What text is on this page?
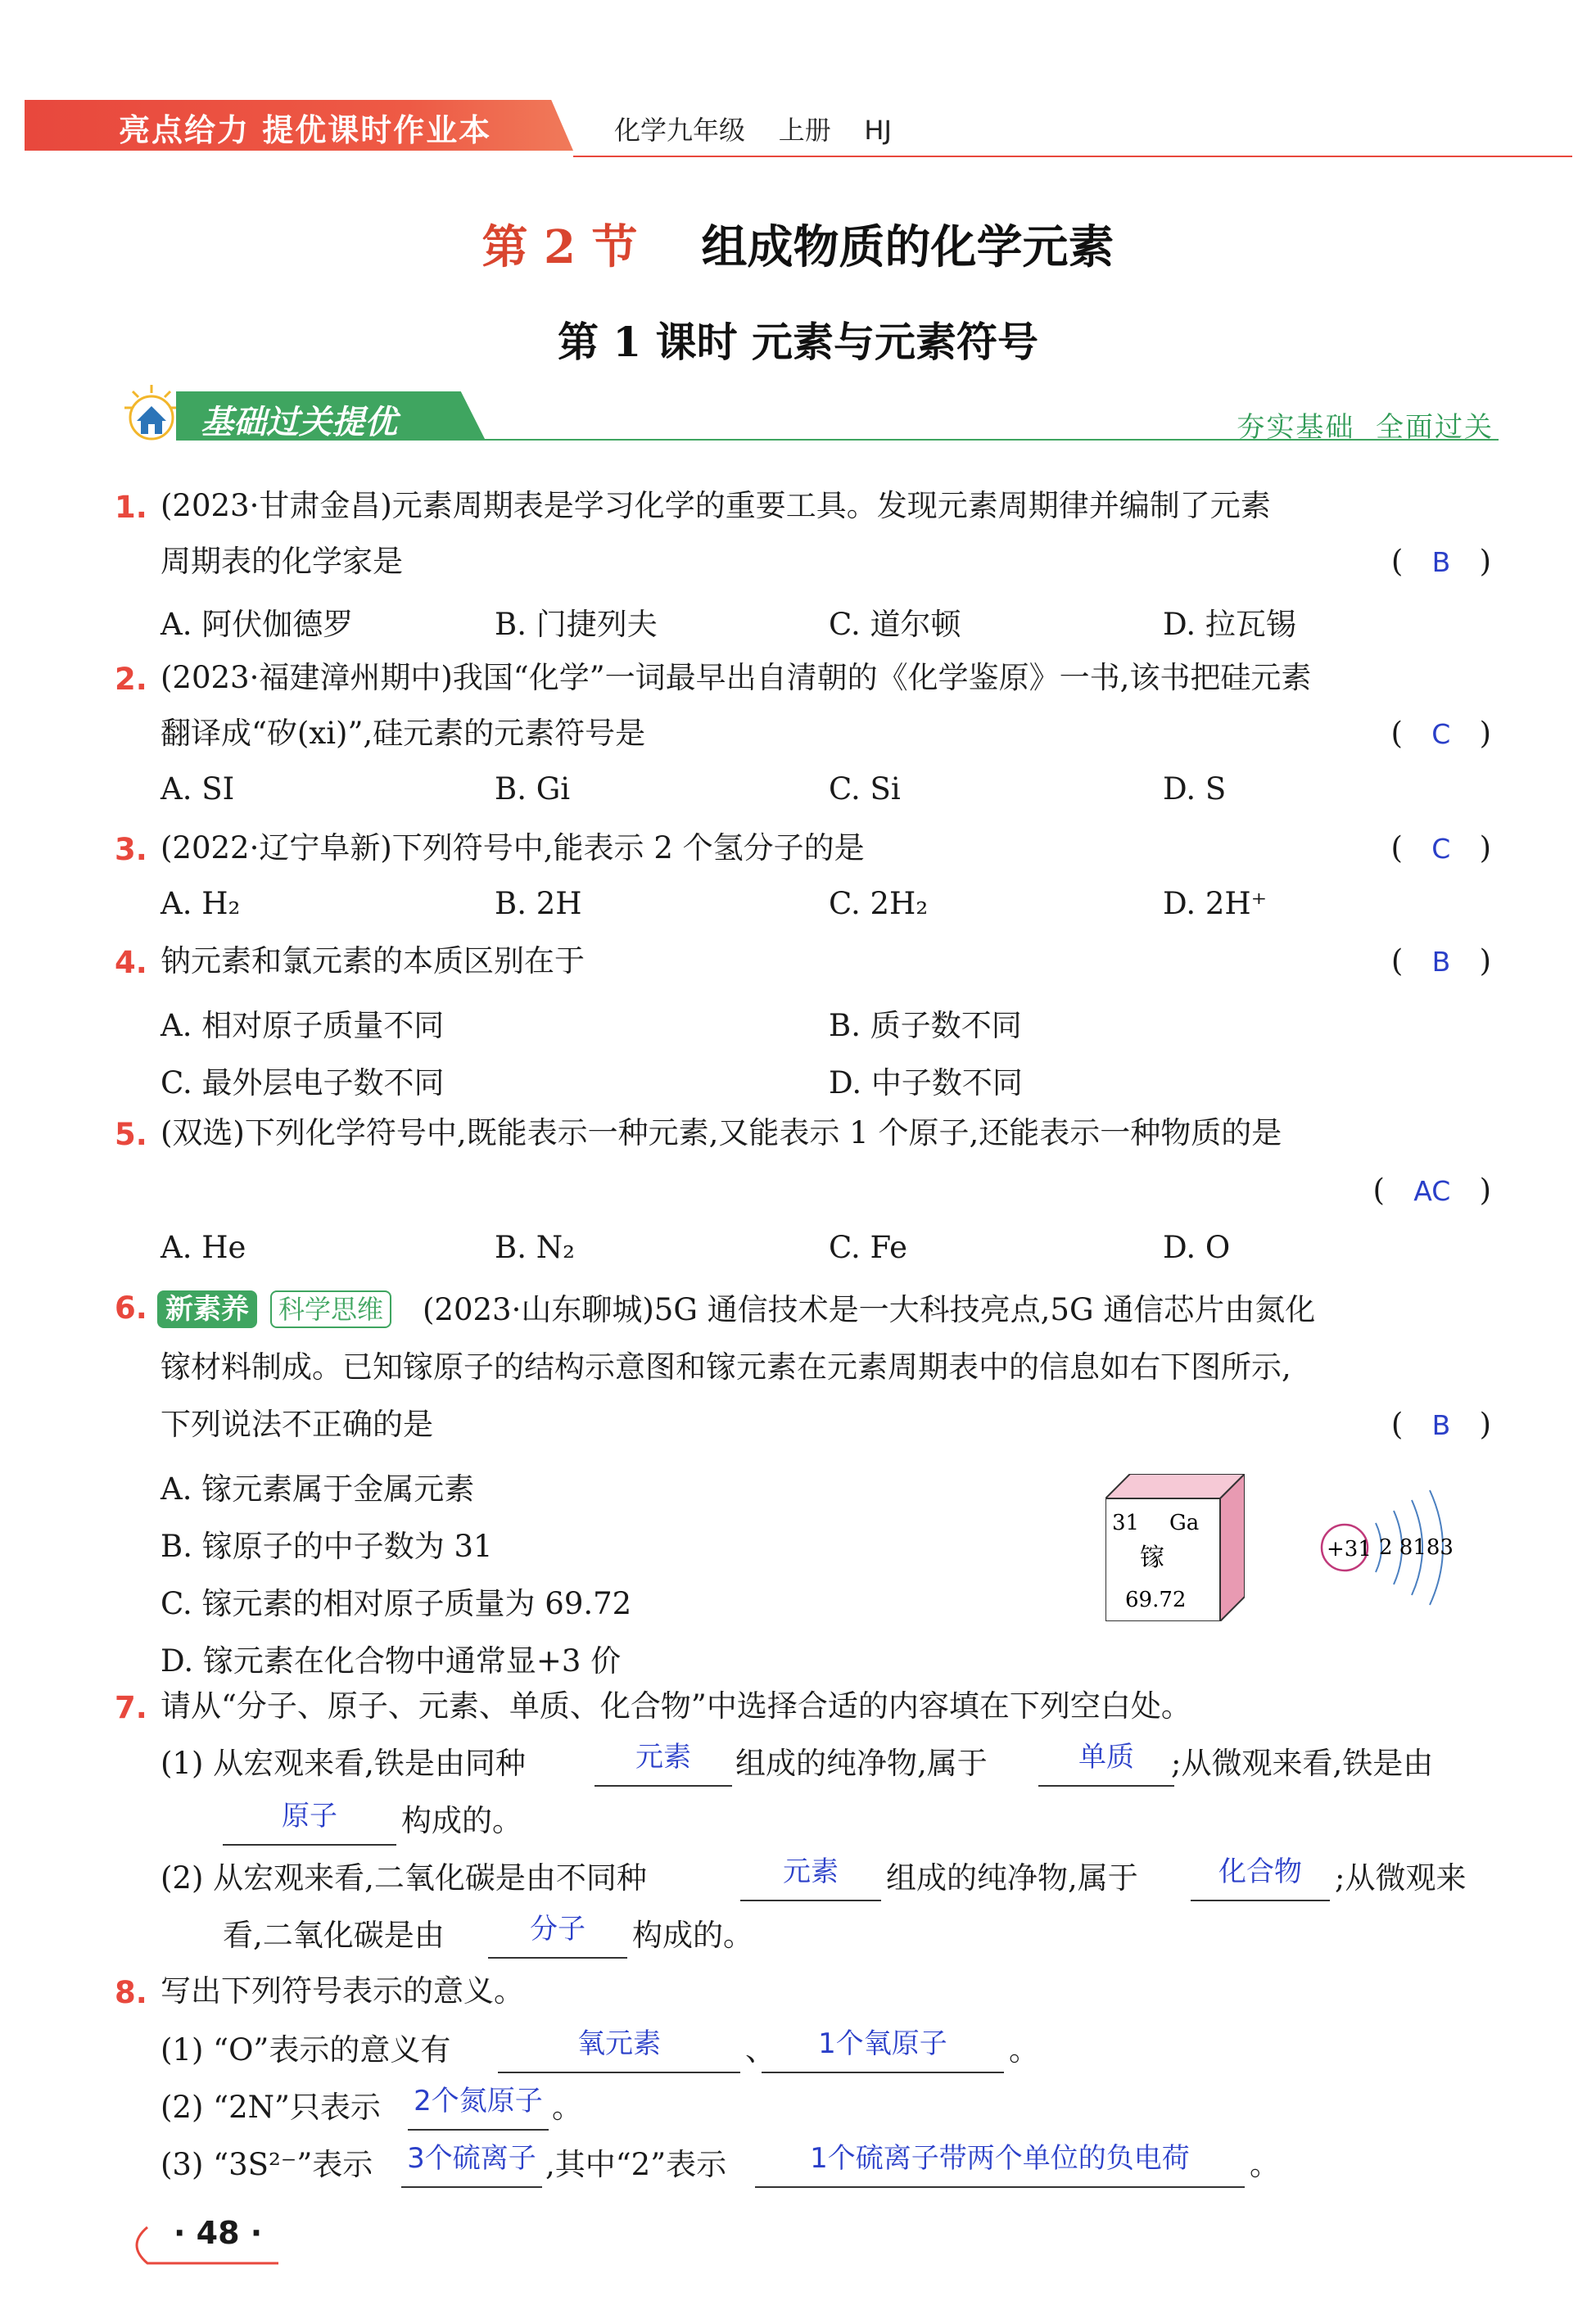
亮点给力 提优课时作业本	化学九年级    上册    HJ
第 2 节 组成物质的化学元素
第 1 课时 元素与元素符号
基础过关提优	夯实基础  全面过关
1. (2023·甘肃金昌)元素周期表是学习化学的重要工具。发现元素周期律并编制了元素
周期表的化学家是	(   B   )
A. 阿伏伽德罗	B. 门捷列夫	C. 道尔顿	D. 拉瓦锡
2. (2023·福建漳州期中)我国“化学”一词最早出自清朝的《化学鉴原》一书,该书把硅元素
翻译成“矽(xi)”,硅元素的元素符号是	(   C   )
A. SI	B. Gi	C. Si	D. S
3. (2022·辽宁阜新)下列符号中,能表示 2 个氢分子的是	(   C   )
A. H₂	B. 2H	C. 2H₂	D. 2H⁺
4. 钠元素和氯元素的本质区别在于	(   B   )
A. 相对原子质量不同	B. 质子数不同
C. 最外层电子数不同	D. 中子数不同
5. (双选)下列化学符号中,既能表示一种元素,又能表示 1 个原子,还能表示一种物质的是
(   AC   )
A. He	B. N₂	C. Fe	D. O
6. 新素养	科学思维 (2023·山东聊城)5G 通信技术是一大科技亮点,5G 通信芯片由氮化
镓材料制成。已知镓原子的结构示意图和镓元素在元素周期表中的信息如右下图所示,
下列说法不正确的是	(   B   )
A. 镓元素属于金属元素
B. 镓原子的中子数为 31
C. 镓元素的相对原子质量为 69.72
D. 镓元素在化合物中通常显+3 价
31 Ga
镓
69.72
+31 2 8183
7. 请从“分子、原子、元素、单质、化合物”中选择合适的内容填在下列空白处。
(1) 从宏观来看,铁是由同种	元素	组成的纯净物,属于	单质	;从微观来看,铁是由
原子	构成的。
(2) 从宏观来看,二氧化碳是由不同种	元素	组成的纯净物,属于	化合物	;从微观来
看,二氧化碳是由	分子	构成的。
8. 写出下列符号表示的意义。
(1) “O”表示的意义有	氧元素	、	1个氧原子	。
(2) “2N”只表示 2个氮原子 。
(3) “3S²⁻”表示 3个硫离子 ,其中“2”表示	1个硫离子带两个单位的负电荷	。
· 48 ·
